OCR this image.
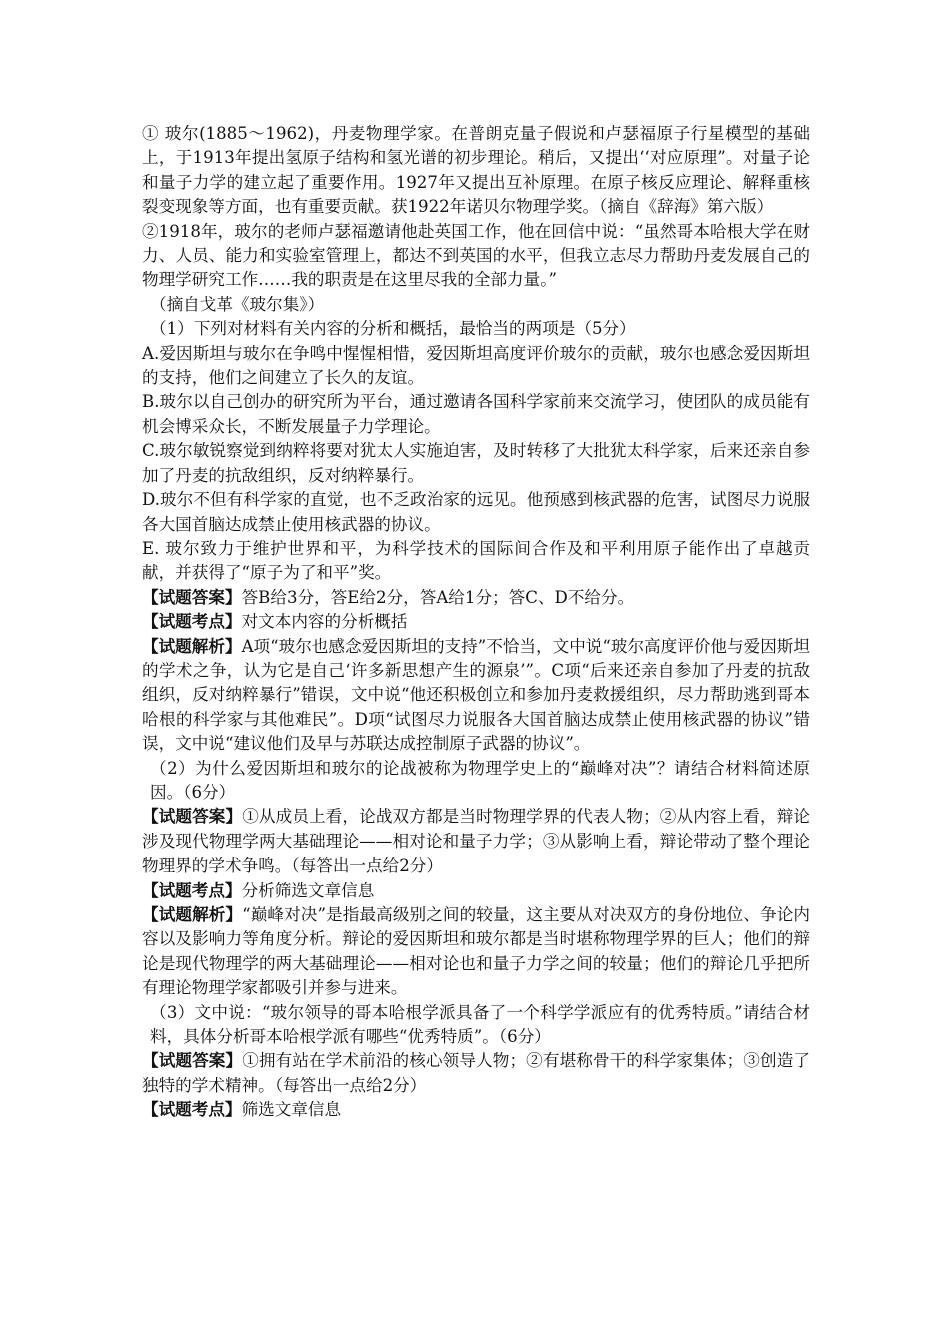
① 玻尔(1885～1962)，丹麦物理学家。在普朗克量子假说和卢瑟福原子行星模型的基础上，于1913年提出氢原子结构和氢光谱的初步理论。稍后，又提出‘‘对应原理”。对量子论和量子力学的建立起了重要作用。1927年又提出互补原理。在原子核反应理论、解释重核裂变现象等方面，也有重要贡献。获1922年诺贝尔物理学奖。（摘自《辞海》第六版）

②1918年，玻尔的老师卢瑟福邀请他赴英国工作，他在回信中说：“虽然哥本哈根大学在财力、人员、能力和实验室管理上，都达不到英国的水平，但我立志尽力帮助丹麦发展自己的物理学研究工作……我的职责是在这里尽我的全部力量。”

（摘自戈革《玻尔集》）

（1）下列对材料有关内容的分析和概括，最恰当的两项是（5分）

A.爱因斯坦与玻尔在争鸣中惺惺相惜，爱因斯坦高度评价玻尔的贡献，玻尔也感念爱因斯坦的支持，他们之间建立了长久的友谊。

B.玻尔以自己创办的研究所为平台，通过邀请各国科学家前来交流学习，使团队的成员能有机会博采众长，不断发展量子力学理论。

C.玻尔敏锐察觉到纳粹将要对犹太人实施迫害，及时转移了大批犹太科学家，后来还亲自参加了丹麦的抗敌组织，反对纳粹暴行。

D.玻尔不但有科学家的直觉，也不乏政治家的远见。他预感到核武器的危害，试图尽力说服各大国首脑达成禁止使用核武器的协议。

E. 玻尔致力于维护世界和平，为科学技术的国际间合作及和平利用原子能作出了卓越贡献，并获得了“原子为了和平”奖。

【试题答案】答B给3分，答E给2分，答A给1分；答C、D不给分。

【试题考点】对文本内容的分析概括

【试题解析】A项“玻尔也感念爱因斯坦的支持”不恰当，文中说“玻尔高度评价他与爱因斯坦的学术之争，认为它是自己‘许多新思想产生的源泉’”。C项“后来还亲自参加了丹麦的抗敌组织，反对纳粹暴行”错误，文中说“他还积极创立和参加丹麦救援组织，尽力帮助逃到哥本哈根的科学家与其他难民”。D项“试图尽力说服各大国首脑达成禁止使用核武器的协议”错误，文中说“建议他们及早与苏联达成控制原子武器的协议”。

（2）为什么爱因斯坦和玻尔的论战被称为物理学史上的“巅峰对决”？请结合材料简述原因。（6分）

【试题答案】①从成员上看，论战双方都是当时物理学界的代表人物；②从内容上看，辩论涉及现代物理学两大基础理论——相对论和量子力学；③从影响上看，辩论带动了整个理论物理界的学术争鸣。（每答出一点给2分）

【试题考点】分析筛选文章信息

【试题解析】“巅峰对决”是指最高级别之间的较量，这主要从对决双方的身份地位、争论内容以及影响力等角度分析。辩论的爱因斯坦和玻尔都是当时堪称物理学界的巨人；他们的辩论是现代物理学的两大基础理论——相对论也和量子力学之间的较量；他们的辩论几乎把所有理论物理学家都吸引并参与进来。

（3）文中说：“玻尔领导的哥本哈根学派具备了一个科学学派应有的优秀特质。”请结合材料，具体分析哥本哈根学派有哪些“优秀特质”。（6分）

【试题答案】①拥有站在学术前沿的核心领导人物；②有堪称骨干的科学家集体；③创造了独特的学术精神。（每答出一点给2分）

【试题考点】筛选文章信息
